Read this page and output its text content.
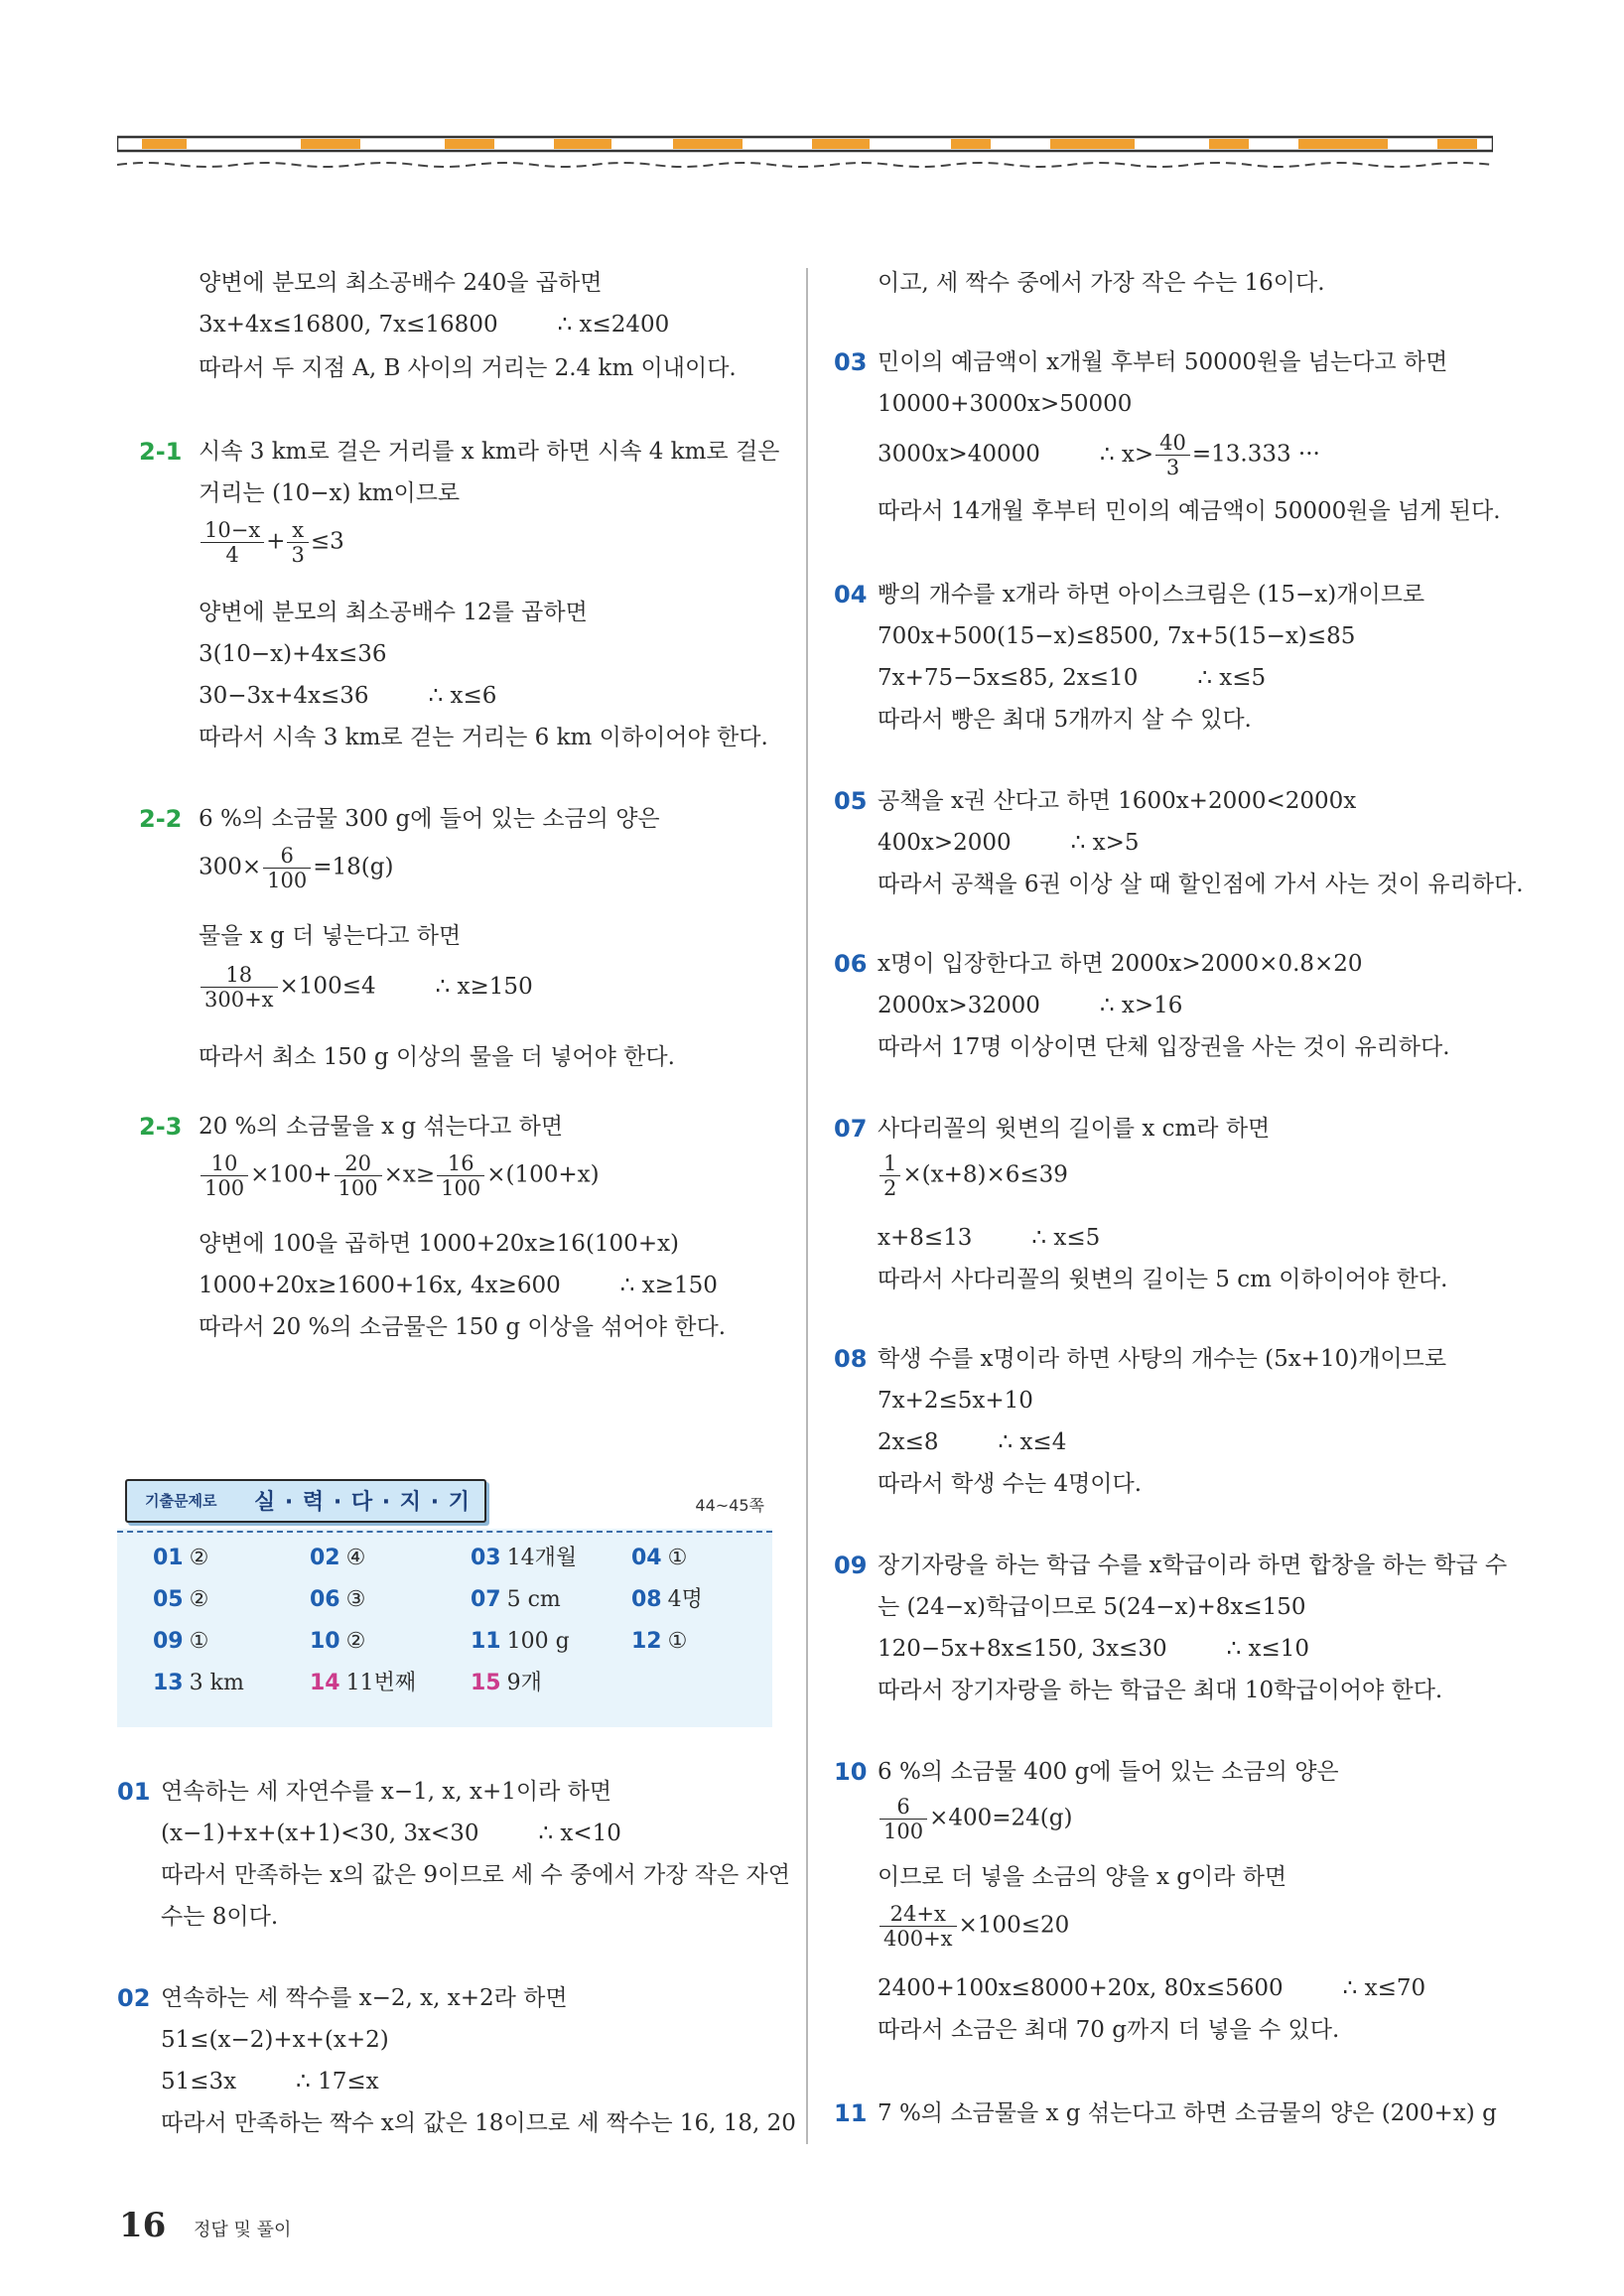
양변에 분모의 최소공배수 240을 곱하면
3x+4x≤16800, 7x≤16800	∴ x≤2400
따라서 두 지점 A, B 사이의 거리는 2.4 km 이내이다.
2-1 시속 3 km로 걸은 거리를 x km라 하면 시속 4 km로 걸은
거리는 (10−x) km이므로
$\frac{10-x}{4} + \frac{x}{3} \le 3$
양변에 분모의 최소공배수 12를 곱하면
3(10−x)+4x≤36
30−3x+4x≤36	∴ x≤6
따라서 시속 3 km로 걷는 거리는 6 km 이하이어야 한다.
2-2 6 %의 소금물 300 g에 들어 있는 소금의 양은
$300\times \frac{6}{100} =18(g)$
물을 x g 더 넣는다고 하면
$\frac{18}{300+x} \times 100\le 4$	∴ x≥150
따라서 최소 150 g 이상의 물을 더 넣어야 한다.
2-3 20 %의 소금물을 x g 섞는다고 하면
$\frac{10}{100} \times 100+ \frac{20}{100} \times x\ge \frac{16}{100} \times(100+x)$
양변에 100을 곱하면 1000+20x≥16(100+x)
1000+20x≥1600+16x, 4x≥600	∴ x≥150
따라서 20 %의 소금물은 150 g 이상을 섞어야 한다.
기출문제로 실 · 력 · 다 · 지 · 기	44~45쪽
01 ②	02 ④	03 14개월 04 ①
05 ②	06 ③	07 5 cm	08 4명
09 ①	10 ②	11 100 g	12 ①
13 3 km	14 11번째 15 9개
01 연속하는 세 자연수를 x−1, x, x+1이라 하면
(x−1)+x+(x+1)<30, 3x<30	∴ x<10
따라서 만족하는 x의 값은 9이므로 세 수 중에서 가장 작은 자연
수는 8이다.
02 연속하는 세 짝수를 x−2, x, x+2라 하면
51≤(x−2)+x+(x+2)
51≤3x	∴ 17≤x
따라서 만족하는 짝수 x의 값은 18이므로 세 짝수는 16, 18, 20
이고, 세 짝수 중에서 가장 작은 수는 16이다.
03 민이의 예금액이 x개월 후부터 50000원을 넘는다고 하면
10000+3000x>50000
3000x>40000	∴ $x> \frac{40}{3} =13.333$ ···
따라서 14개월 후부터 민이의 예금액이 50000원을 넘게 된다.
04 빵의 개수를 x개라 하면 아이스크림은 (15−x)개이므로
700x+500(15−x)≤8500, 7x+5(15−x)≤85
7x+75−5x≤85, 2x≤10	∴ x≤5
따라서 빵은 최대 5개까지 살 수 있다.
05 공책을 x권 산다고 하면 1600x+2000<2000x
400x>2000	∴ x>5
따라서 공책을 6권 이상 살 때 할인점에 가서 사는 것이 유리하다.
06 x명이 입장한다고 하면 2000x>2000×0.8×20
2000x>32000	∴ x>16
따라서 17명 이상이면 단체 입장권을 사는 것이 유리하다.
07 사다리꼴의 윗변의 길이를 x cm라 하면
$\frac{1}{2} \times(x+8)\times 6\le 39$
x+8≤13	∴ x≤5
따라서 사다리꼴의 윗변의 길이는 5 cm 이하이어야 한다.
08 학생 수를 x명이라 하면 사탕의 개수는 (5x+10)개이므로
7x+2≤5x+10
2x≤8	∴ x≤4
따라서 학생 수는 4명이다.
09 장기자랑을 하는 학급 수를 x학급이라 하면 합창을 하는 학급 수
는 (24−x)학급이므로 5(24−x)+8x≤150
120−5x+8x≤150, 3x≤30	∴ x≤10
따라서 장기자랑을 하는 학급은 최대 10학급이어야 한다.
10 6 %의 소금물 400 g에 들어 있는 소금의 양은
$\frac{6}{100} \times 400=24(g)$
이므로 더 넣을 소금의 양을 x g이라 하면
$\frac{24+x}{400+x} \times 100\le 20$
2400+100x≤8000+20x, 80x≤5600	∴ x≤70
따라서 소금은 최대 70 g까지 더 넣을 수 있다.
11 7 %의 소금물을 x g 섞는다고 하면 소금물의 양은 (200+x) g
16 정답 및 풀이
